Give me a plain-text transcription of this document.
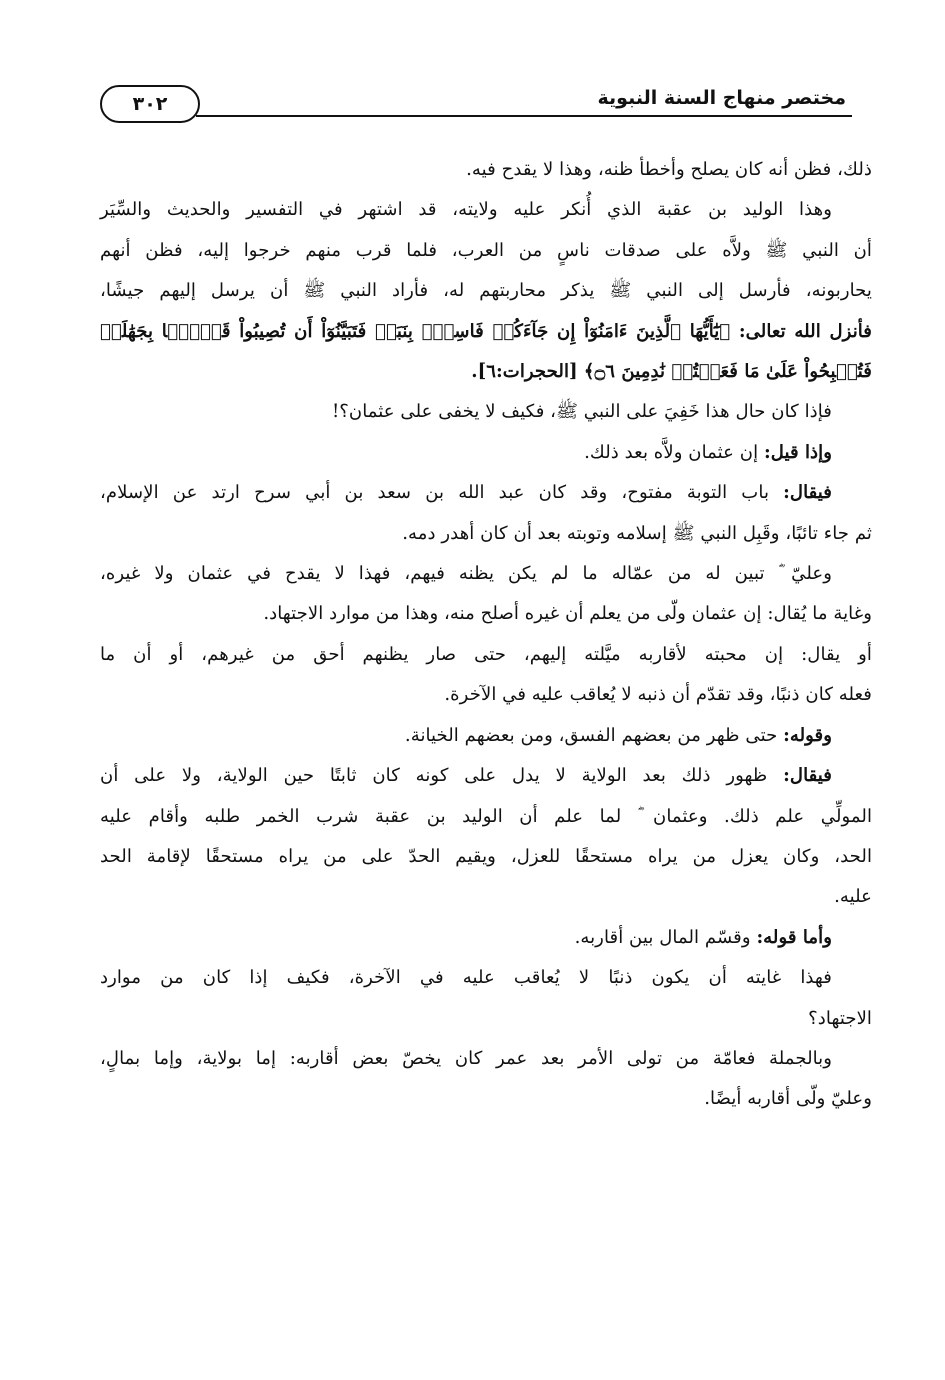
مختصر منهاج السنة النبوية
٣٠٢
ذلك، فظن أنه كان يصلح وأخطأ ظنه، وهذا لا يقدح فيه.
وهذا الوليد بن عقبة الذي أُنكر عليه ولايته، قد اشتهر في التفسير والحديث والسِّيَر
أن النبي ﷺ ولاَّه على صدقات ناسٍ من العرب، فلما قرب منهم خرجوا إليه، فظن أنهم
يحاربونه، فأرسل إلى النبي ﷺ يذكر محاربتهم له، فأراد النبي ﷺ أن يرسل إليهم جيشًا،
فأنزل الله تعالى: ﴿يَٰٓأَيُّهَا ٱلَّذِينَ ءَامَنُوٓاْ إِن جَآءَكُمۡ فَاسِقُۢ بِنَبَإٖ فَتَبَيَّنُوٓاْ أَن تُصِيبُواْ قَوۡمَۢا بِجَهَٰلَةٖ
فَتُصۡبِحُواْ عَلَىٰ مَا فَعَلۡتُمۡ نَٰدِمِينَ ۝٦﴾ [الحجرات:٦].
فإذا كان حال هذا خَفِيَ على النبي ﷺ، فكيف لا يخفى على عثمان؟!
وإذا قيل: إن عثمان ولاَّه بعد ذلك.
فيقال: باب التوبة مفتوح، وقد كان عبد الله بن سعد بن أبي سرح ارتد عن الإسلام،
ثم جاء تائبًا، وقَبِل النبي ﷺ إسلامه وتوبته بعد أن كان أهدر دمه.
وعليّ ؓ تبين له من عمّاله ما لم يكن يظنه فيهم، فهذا لا يقدح في عثمان ولا غيره،
وغاية ما يُقال: إن عثمان ولّى من يعلم أن غيره أصلح منه، وهذا من موارد الاجتهاد.
أو يقال: إن محبته لأقاربه ميَّلته إليهم، حتى صار يظنهم أحق من غيرهم، أو أن ما
فعله كان ذنبًا، وقد تقدّم أن ذنبه لا يُعاقب عليه في الآخرة.
وقوله: حتى ظهر من بعضهم الفسق، ومن بعضهم الخيانة.
فيقال: ظهور ذلك بعد الولاية لا يدل على كونه كان ثابتًا حين الولاية، ولا على أن
المولِّي علم ذلك. وعثمان ؓ لما علم أن الوليد بن عقبة شرب الخمر طلبه وأقام عليه
الحد، وكان يعزل من يراه مستحقًا للعزل، ويقيم الحدّ على من يراه مستحقًا لإقامة الحد
عليه.
وأما قوله: وقسّم المال بين أقاربه.
فهذا غايته أن يكون ذنبًا لا يُعاقب عليه في الآخرة، فكيف إذا كان من موارد
الاجتهاد؟
وبالجملة فعامّة من تولى الأمر بعد عمر كان يخصّ بعض أقاربه: إما بولاية، وإما بمالٍ،
وعليّ ولّى أقاربه أيضًا.
